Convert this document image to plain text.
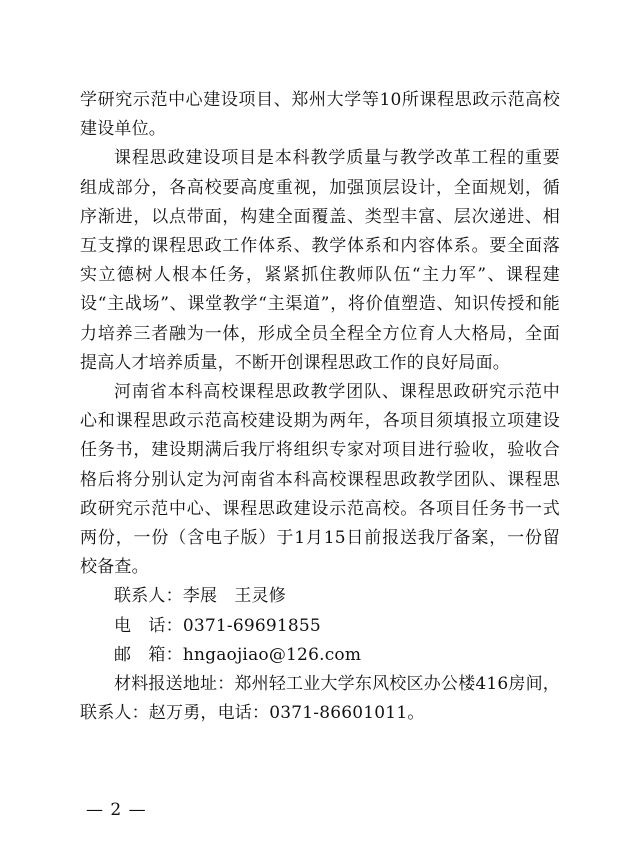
学研究示范中心建设项目、郑州大学等10所课程思政示范高校建设单位。

课程思政建设项目是本科教学质量与教学改革工程的重要组成部分，各高校要高度重视，加强顶层设计，全面规划，循序渐进，以点带面，构建全面覆盖、类型丰富、层次递进、相互支撑的课程思政工作体系、教学体系和内容体系。要全面落实立德树人根本任务，紧紧抓住教师队伍“主力军”、课程建设“主战场”、课堂教学“主渠道”，将价值塑造、知识传授和能力培养三者融为一体，形成全员全程全方位育人大格局，全面提高人才培养质量，不断开创课程思政工作的良好局面。

河南省本科高校课程思政教学团队、课程思政研究示范中心和课程思政示范高校建设期为两年，各项目须填报立项建设任务书，建设期满后我厅将组织专家对项目进行验收，验收合格后将分别认定为河南省本科高校课程思政教学团队、课程思政研究示范中心、课程思政建设示范高校。各项目任务书一式两份，一份（含电子版）于1月15日前报送我厅备案，一份留校备查。

联系人：李展　王灵修

电　话：0371-69691855

邮　箱：hngaojiao@126.com

材料报送地址：郑州轻工业大学东风校区办公楼416房间，联系人：赵万勇，电话：0371-86601011。

— 2 —
